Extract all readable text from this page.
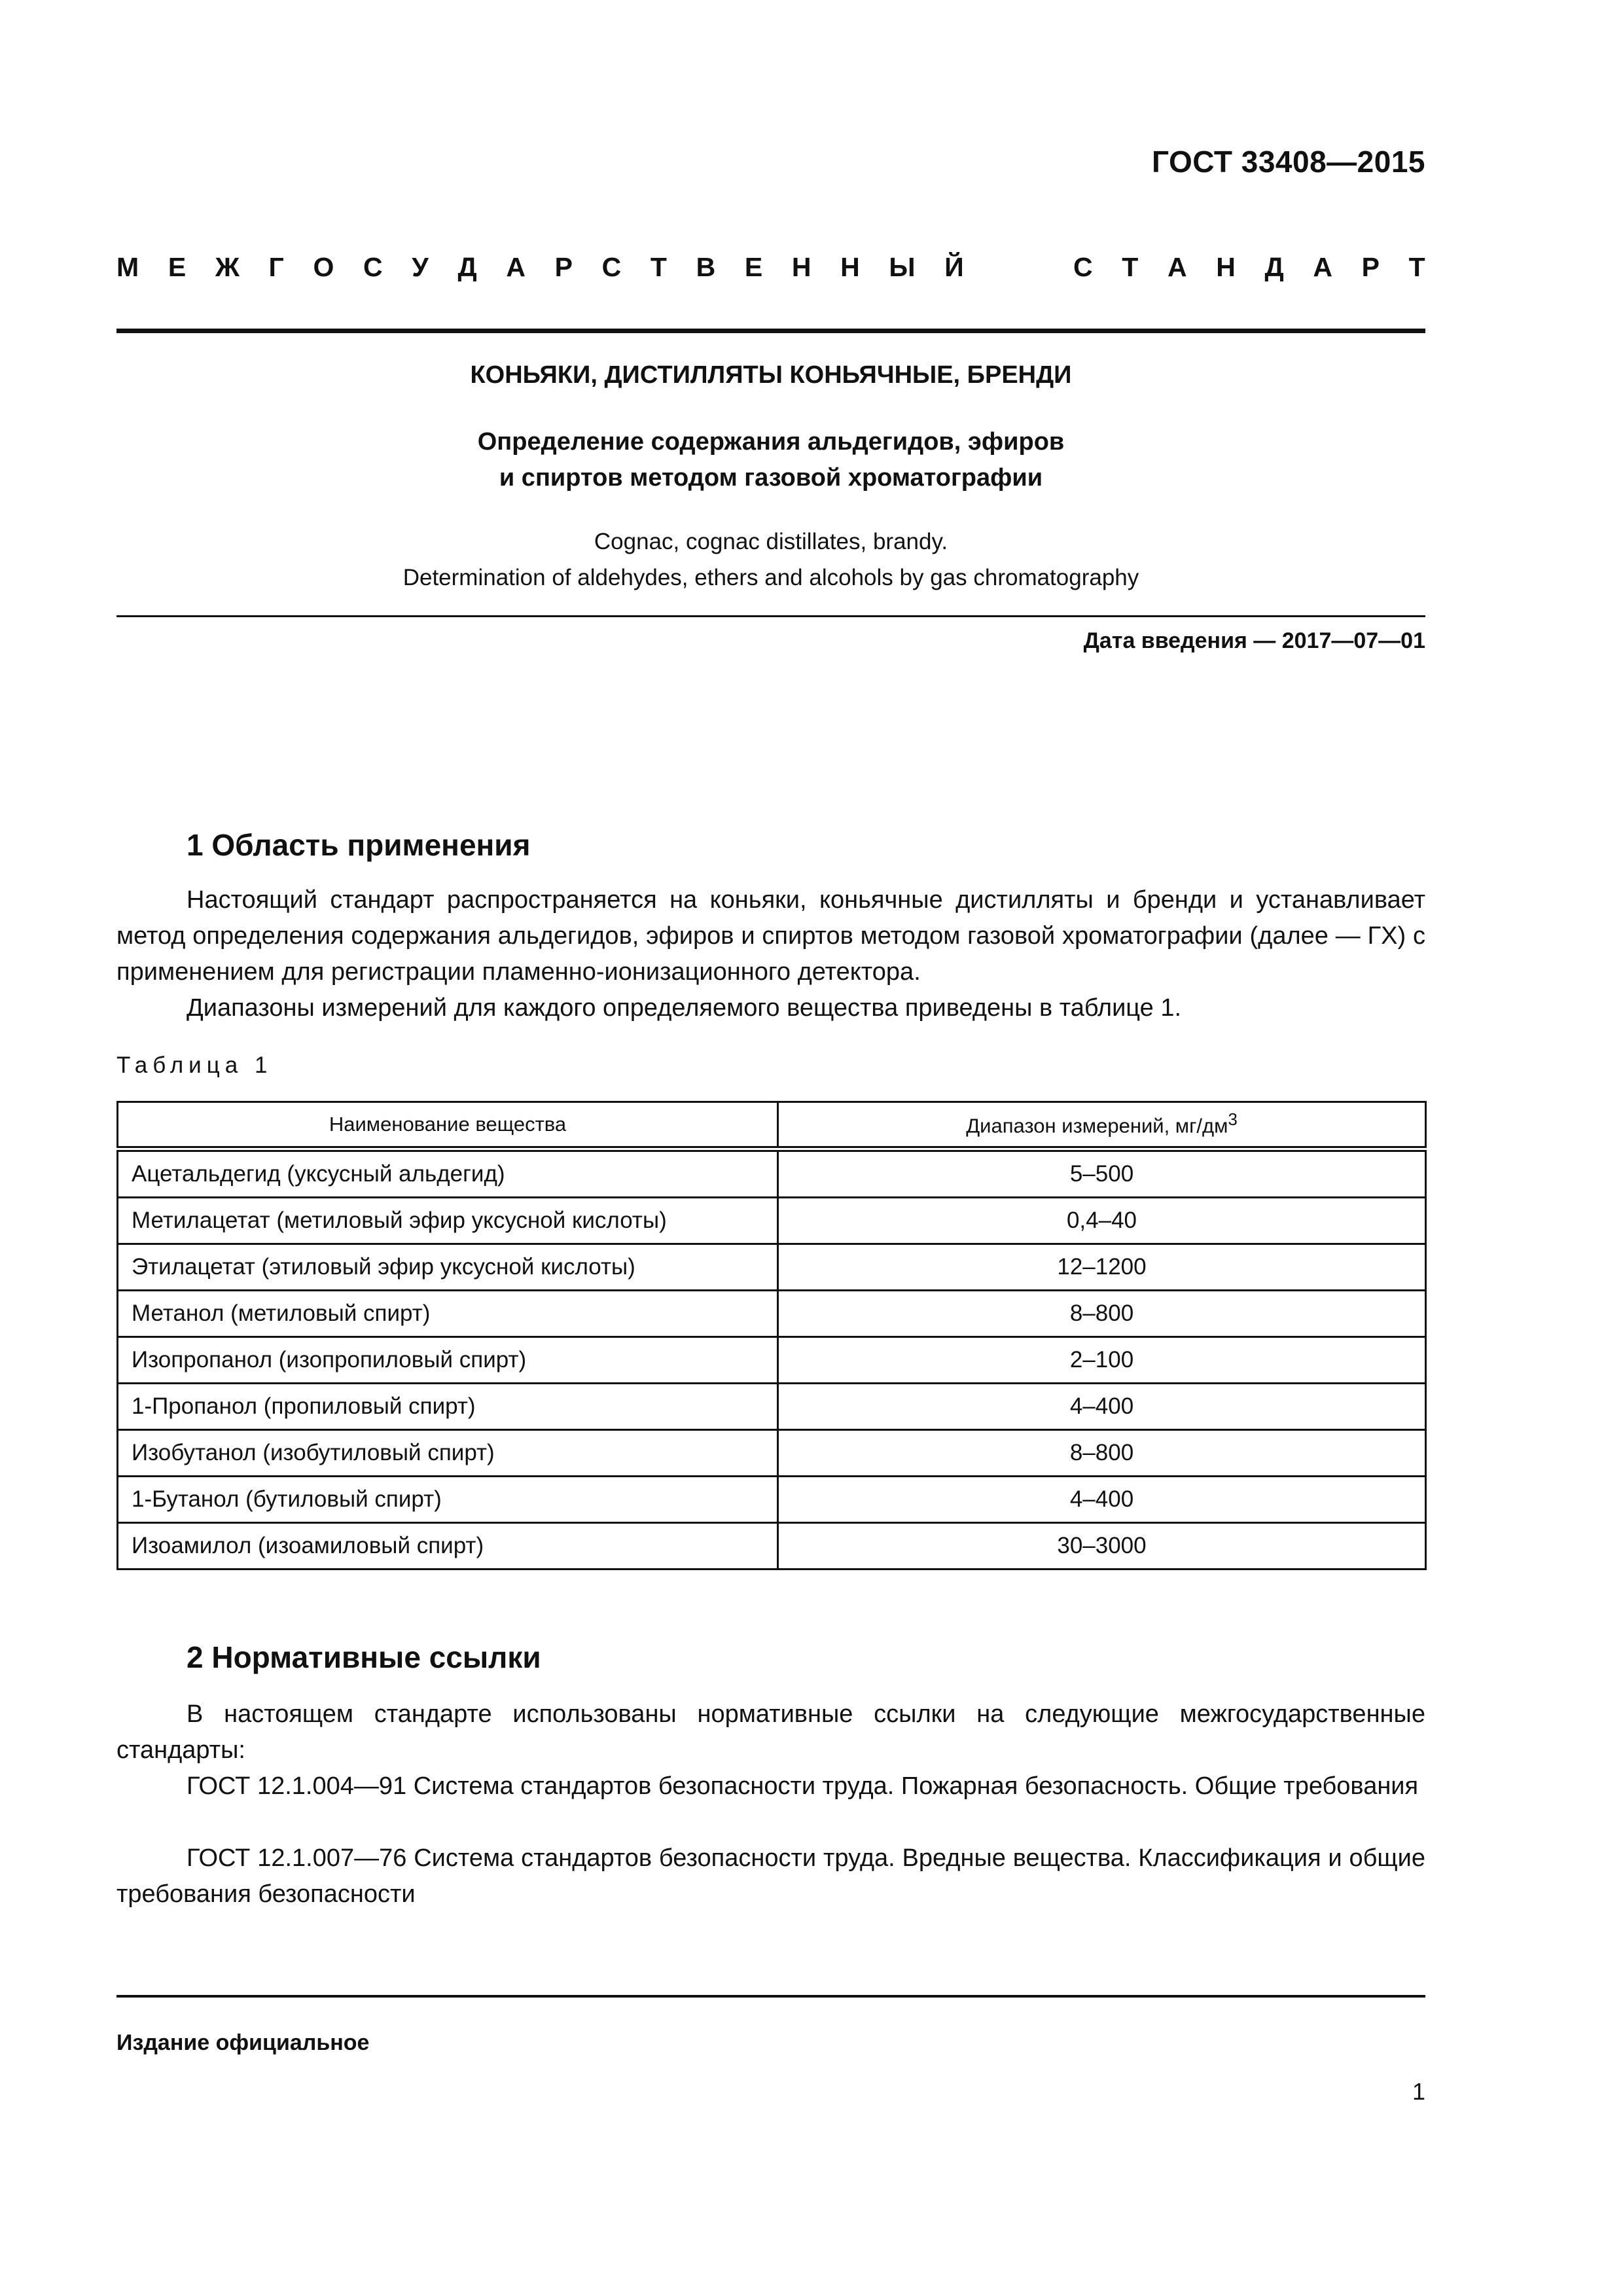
ГОСТ 33408—2015
М Е Ж Г О С У Д А Р С Т В Е Н Н Ы Й	С Т А Н Д А Р Т
КОНЬЯКИ, ДИСТИЛЛЯТЫ КОНЬЯЧНЫЕ, БРЕНДИ
Определение содержания альдегидов, эфиров
и спиртов методом газовой хроматографии
Cognac, cognac distillates, brandy.
Determination of aldehydes, ethers and alcohols by gas chromatography
Дата введения — 2017—07—01
1 Область применения
Настоящий стандарт распространяется на коньяки, коньячные дистилляты и бренди и устанавливает метод определения содержания альдегидов, эфиров и спиртов методом газовой хроматографии (далее — ГХ) с применением для регистрации пламенно-ионизационного детектора.
Диапазоны измерений для каждого определяемого вещества приведены в таблице 1.
Таблица 1
Наименование вещества	Диапазон измерений, $мг/дм^3$
Ацетальдегид (уксусный альдегид)	5–500
Метилацетат (метиловый эфир уксусной кислоты)	0,4–40
Этилацетат (этиловый эфир уксусной кислоты)	12–1200
Метанол (метиловый спирт)	8–800
Изопропанол (изопропиловый спирт)	2–100
1-Пропанол (пропиловый спирт)	4–400
Изобутанол (изобутиловый спирт)	8–800
1-Бутанол (бутиловый спирт)	4–400
Изоамилол (изоамиловый спирт)	30–3000
2 Нормативные ссылки
В настоящем стандарте использованы нормативные ссылки на следующие межгосударственные стандарты:
ГОСТ 12.1.004—91 Система стандартов безопасности труда. Пожарная безопасность. Общие требования
ГОСТ 12.1.007—76 Система стандартов безопасности труда. Вредные вещества. Классификация и общие требования безопасности
Издание официальное
1
